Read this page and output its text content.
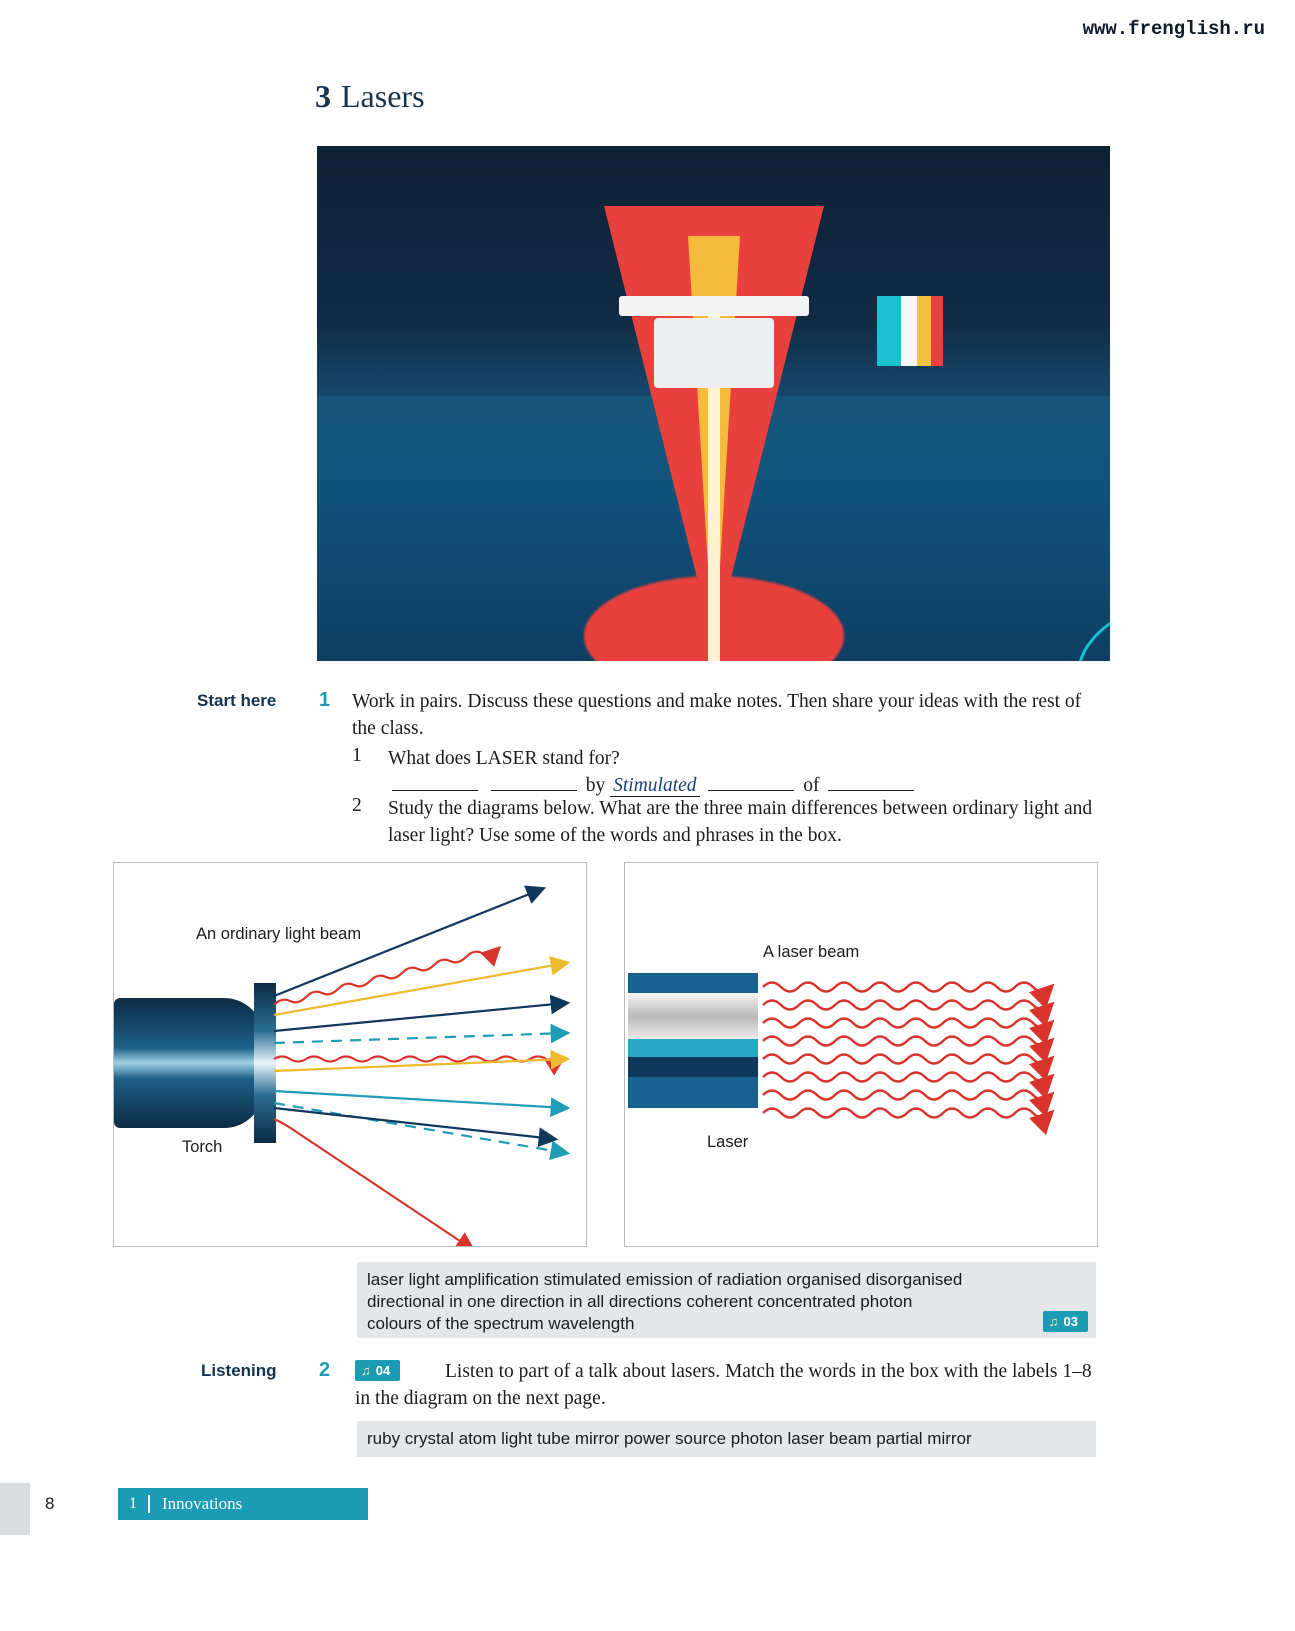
www.frenglish.ru
3 Lasers
Start here 1 Work in pairs. Discuss these questions and make notes. Then share your ideas with the rest of the class.
1 What does LASER stand for?
by Stimulated	of
2 Study the diagrams below. What are the three main differences between ordinary light and laser light? Use some of the words and phrases in the box.
An ordinary light beam
Torch
A laser beam
Laser
laser light amplification stimulated emission of radiation organised disorganised
directional in one direction in all directions coherent concentrated photon
colours of the spectrum wavelength	♫ 03
Listening 2 ♫ 04	Listen to part of a talk about lasers. Match the words in the box with the labels 1–8 in the diagram on the next page.
ruby crystal atom light tube mirror power source photon laser beam partial mirror
8	1	Innovations
